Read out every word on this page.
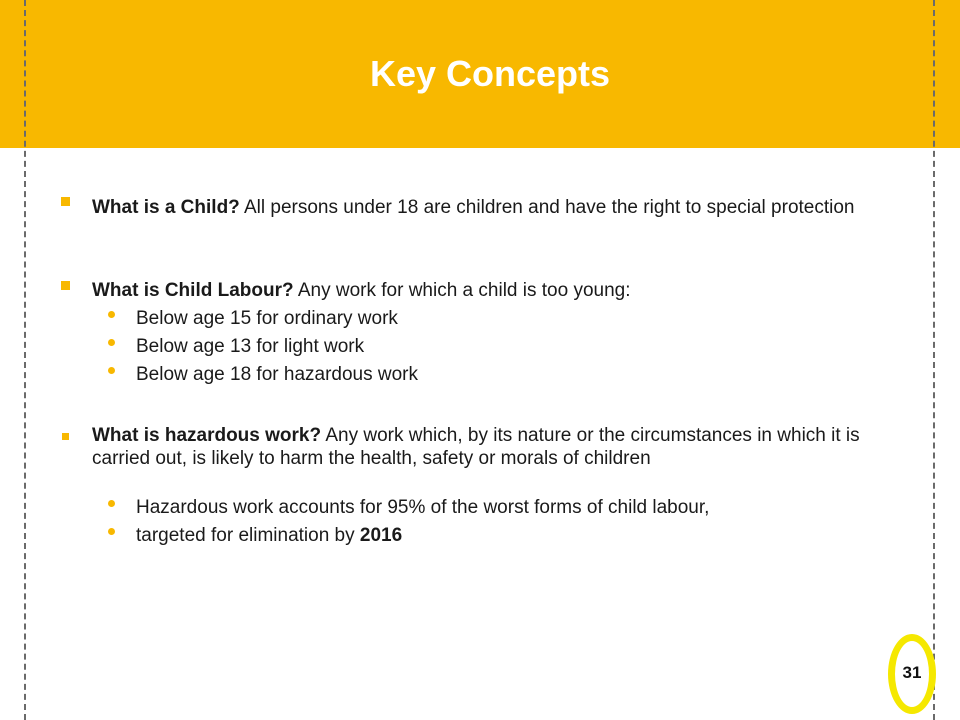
Key Concepts
What is a Child? All persons under 18 are children and have the right to special protection
What is Child Labour? Any work for which a child is too young:
Below age 15 for ordinary work
Below age 13 for light work
Below age 18 for hazardous work
What is hazardous work? Any work which, by its nature or the circumstances in which it is carried out, is likely to harm the health, safety or morals of children
Hazardous work accounts for 95% of the worst forms of child labour,
targeted for elimination by 2016
31
